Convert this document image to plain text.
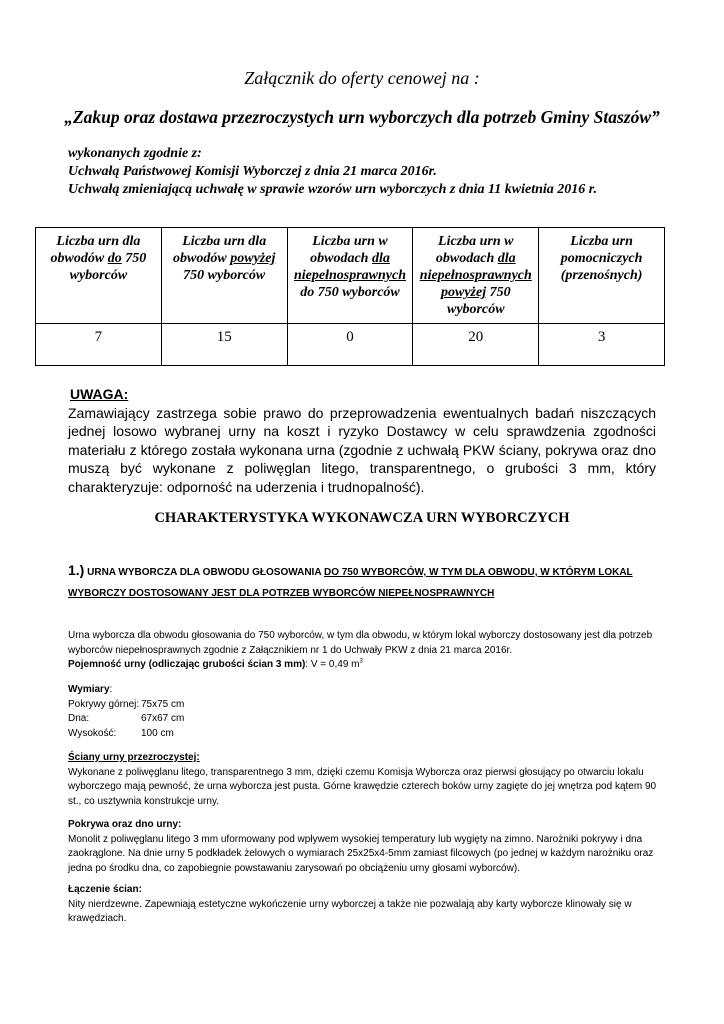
Załącznik do oferty cenowej na :
„Zakup oraz dostawa przezroczystych urn wyborczych dla potrzeb Gminy Staszów”
wykonanych zgodnie z:
Uchwałą Państwowej Komisji Wyborczej z dnia 21 marca 2016r.
Uchwałą zmieniającą uchwałę w sprawie wzorów urn wyborczych z dnia 11 kwietnia 2016 r.
Liczba urn dla obwodów do 750 wyborców	Liczba urn dla obwodów powyżej 750 wyborców	Liczba urn w obwodach dla niepełnosprawnych do 750 wyborców	Liczba urn w obwodach dla niepełnosprawnych powyżej 750 wyborców	Liczba urn pomocniczych (przenośnych)
7	15	0	20	3
UWAGA:
Zamawiający zastrzega sobie prawo do przeprowadzenia ewentualnych badań niszczących jednej losowo wybranej urny na koszt i ryzyko Dostawcy w celu sprawdzenia zgodności materiału z którego została wykonana urna (zgodnie z uchwałą PKW ściany, pokrywa oraz dno muszą być wykonane z poliwęglan litego, transparentnego, o grubości 3 mm, który charakteryzuje: odporność na uderzenia i trudnopalność).
CHARAKTERYSTYKA WYKONAWCZA URN WYBORCZYCH
1.) URNA WYBORCZA DLA OBWODU GŁOSOWANIA DO 750 WYBORCÓW, W TYM DLA OBWODU, W KTÓRYM LOKAL WYBORCZY DOSTOSOWANY JEST DLA POTRZEB WYBORCÓW NIEPEŁNOSPRAWNYCH
Urna wyborcza dla obwodu głosowania do 750 wyborców, w tym dla obwodu, w którym lokal wyborczy dostosowany jest dla potrzeb wyborców niepełnosprawnych zgodnie z Załącznikiem nr 1 do Uchwały PKW z dnia 21 marca 2016r.
Pojemność urny (odliczając grubości ścian 3 mm): V = 0,49 $m^3$
Wymiary:
Pokrywy górnej: 75x75 cm
Dna:	67x67 cm
Wysokość:	100 cm
Ściany urny przezroczystej:
Wykonane z poliwęglanu litego, transparentnego 3 mm, dzięki czemu Komisja Wyborcza oraz pierwsi głosujący po otwarciu lokalu wyborczego mają pewność, że urna wyborcza jest pusta. Górne krawędzie czterech boków urny zagięte do jej wnętrza pod kątem 90 st., co usztywnia konstrukcje urny.
Pokrywa oraz dno urny:
Monolit z poliwęglanu litego 3 mm uformowany pod wpływem wysokiej temperatury lub wygięty na zimno. Narożniki pokrywy i dna zaokrąglone. Na dnie urny 5 podkładek żelowych o wymiarach 25x25x4-5mm zamiast filcowych (po jednej w każdym narożniku oraz jedna po środku dna, co zapobiegnie powstawaniu zarysowań po obciążeniu urny głosami wyborców).
Łączenie ścian:
Nity nierdzewne. Zapewniają estetyczne wykończenie urny wyborczej a także nie pozwalają aby karty wyborcze klinowały się w krawędziach.
